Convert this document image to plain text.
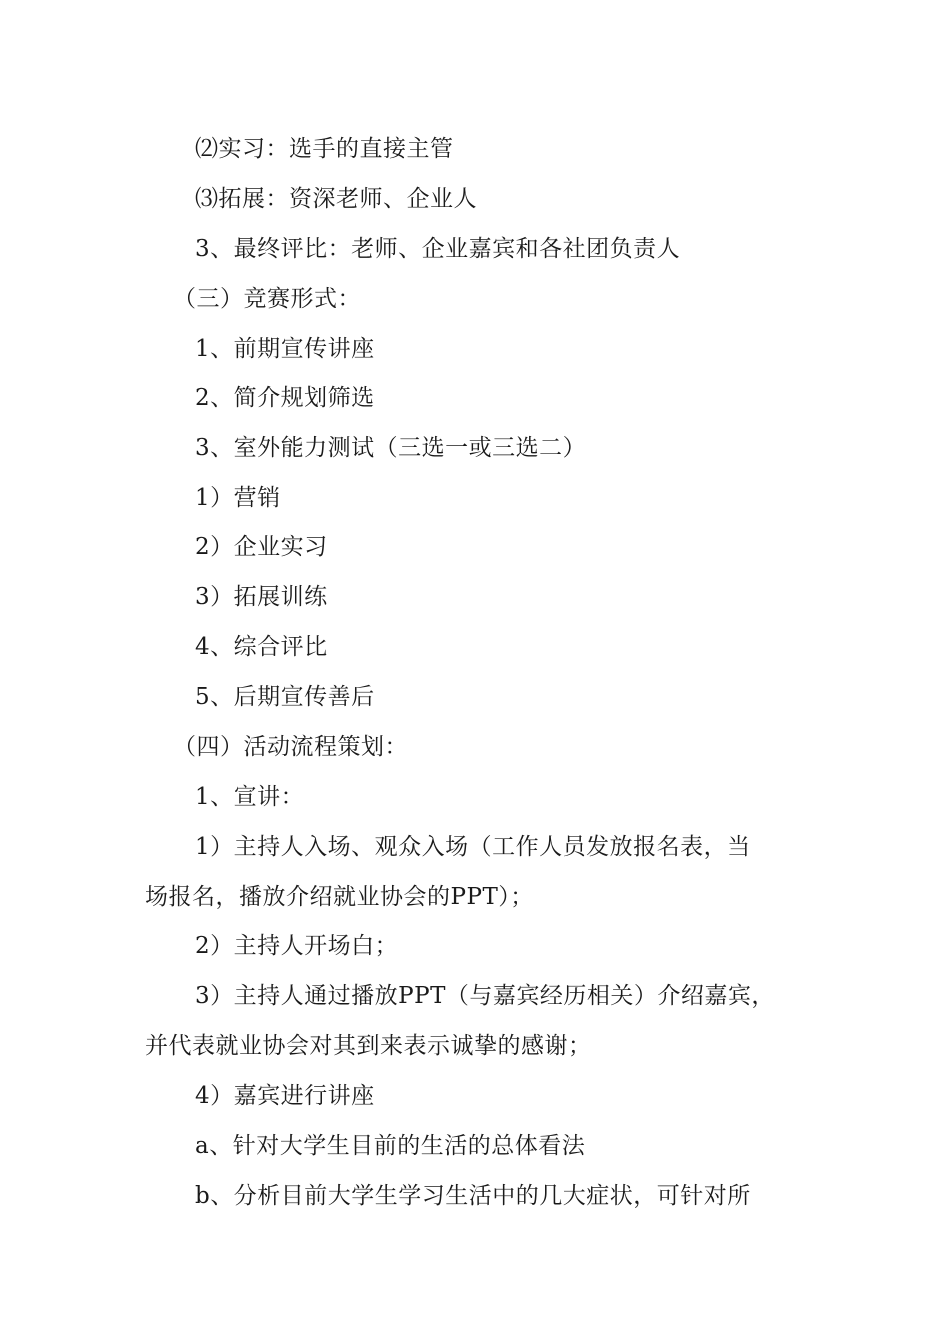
⑵实习：选手的直接主管
⑶拓展：资深老师、企业人
3、最终评比：老师、企业嘉宾和各社团负责人
（三）竞赛形式：
1、前期宣传讲座
2、简介规划筛选
3、室外能力测试（三选一或三选二）
1）营销
2）企业实习
3）拓展训练
4、综合评比
5、后期宣传善后
（四）活动流程策划：
1、宣讲：
1）主持人入场、观众入场（工作人员发放报名表，当
场报名，播放介绍就业协会的PPT）；
2）主持人开场白；
3）主持人通过播放PPT（与嘉宾经历相关）介绍嘉宾，
并代表就业协会对其到来表示诚挚的感谢；
4）嘉宾进行讲座
a、针对大学生目前的生活的总体看法
b、分析目前大学生学习生活中的几大症状，可针对所
